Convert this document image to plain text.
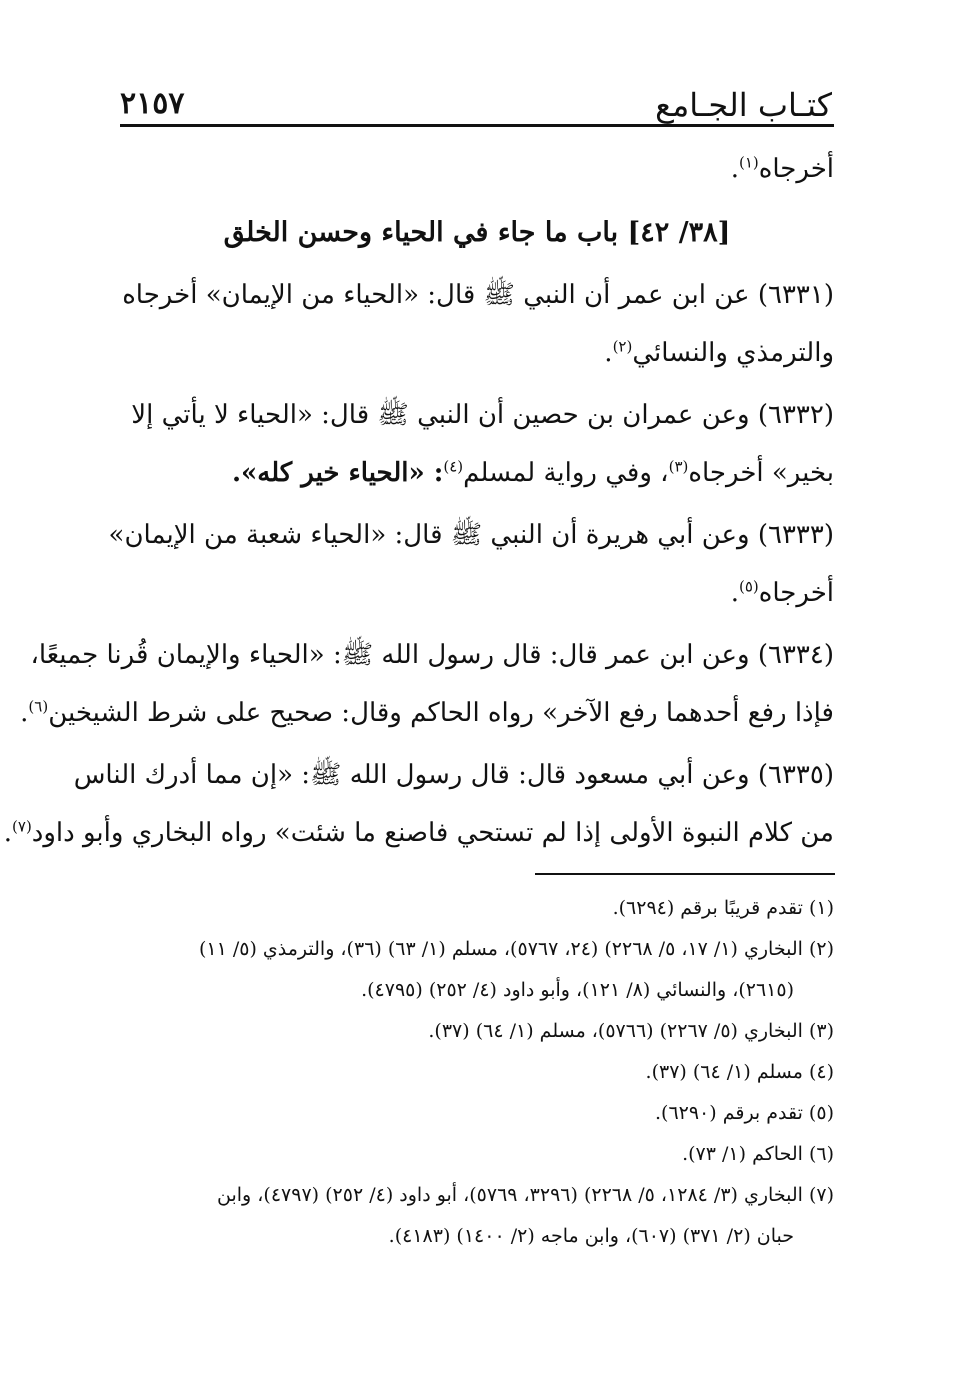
٢١٥٧	كتـاب الجـامع
أخرجاه$^{(١)}$.
[٣٨/ ٤٢] باب ما جاء في الحياء وحسن الخلق
(٦٣٣١) عن ابن عمر أن النبي ﷺ قال: «الحياء من الإيمان» أخرجاه
والترمذي والنسائي$^{(٢)}$.
(٦٣٣٢) وعن عمران بن حصين أن النبي ﷺ قال: «الحياء لا يأتي إلا
بخير» أخرجاه$^{(٣)}$، وفي رواية لمسلم$^{(٤)}$: «الحياء خير كله».
(٦٣٣٣) وعن أبي هريرة أن النبي ﷺ قال: «الحياء شعبة من الإيمان»
أخرجاه$^{(٥)}$.
(٦٣٣٤) وعن ابن عمر قال: قال رسول الله ﷺ: «الحياء والإيمان قُرنا جميعًا،
فإذا رفع أحدهما رفع الآخر» رواه الحاكم وقال: صحيح على شرط الشيخين$^{(٦)}$.
(٦٣٣٥) وعن أبي مسعود قال: قال رسول الله ﷺ: «إن مما أدرك الناس
من كلام النبوة الأولى إذا لم تستحي فاصنع ما شئت» رواه البخاري وأبو داود$^{(٧)}$.
(١) تقدم قريبًا برقم (٦٢٩٤).
(٢) البخاري (١/ ١٧، ٥/ ٢٢٦٨) (٢٤، ٥٧٦٧)، مسلم (١/ ٦٣) (٣٦)، والترمذي (٥/ ١١)
(٢٦١٥)، والنسائي (٨/ ١٢١)، وأبو داود (٤/ ٢٥٢) (٤٧٩٥).
(٣) البخاري (٥/ ٢٢٦٧) (٥٧٦٦)، مسلم (١/ ٦٤) (٣٧).
(٤) مسلم (١/ ٦٤) (٣٧).
(٥) تقدم برقم (٦٢٩٠).
(٦) الحاكم (١/ ٧٣).
(٧) البخاري (٣/ ١٢٨٤، ٥/ ٢٢٦٨) (٣٢٩٦، ٥٧٦٩)، أبو داود (٤/ ٢٥٢) (٤٧٩٧)، وابن
حبان (٢/ ٣٧١) (٦٠٧)، وابن ماجه (٢/ ١٤٠٠) (٤١٨٣).
